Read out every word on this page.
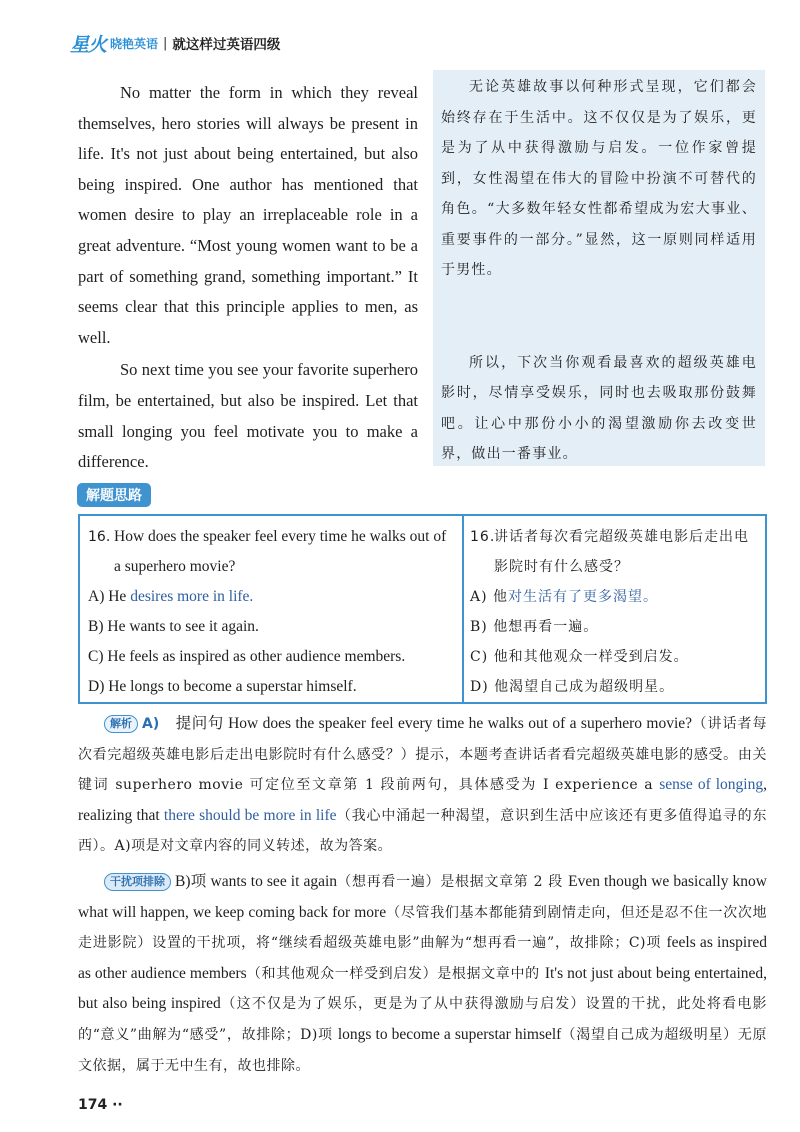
星火 晓艳英语 | 就这样过英语四级

No matter the form in which they reveal themselves, hero stories will always be present in life. It's not just about being entertained, but also being inspired. One author has mentioned that women desire to play an irreplaceable role in a great adventure. “Most young women want to be a part of something grand, something important.” It seems clear that this principle applies to men, as well.

So next time you see your favorite superhero film, be entertained, but also be inspired. Let that small longing you feel motivate you to make a difference.

无论英雄故事以何种形式呈现，它们都会始终存在于生活中。这不仅仅是为了娱乐，更是为了从中获得激励与启发。一位作家曾提到，女性渴望在伟大的冒险中扮演不可替代的角色。“大多数年轻女性都希望成为宏大事业、重要事件的一部分。”显然，这一原则同样适用于男性。

所以，下次当你观看最喜欢的超级英雄电影时，尽情享受娱乐，同时也去吸取那份鼓舞吧。让心中那份小小的渴望激励你去改变世界，做出一番事业。

解题思路
16. How does the speaker feel every time he walks out of a superhero movie?
A) He desires more in life.
B) He wants to see it again.
C) He feels as inspired as other audience members.
D) He longs to become a superstar himself.
16.
讲话者每次看完超级英雄电影后走出电影院时有什么感受？
A) 他对生活有了更多渴望。
B) 他想再看一遍。
C) 他和其他观众一样受到启发。
D) 他渴望自己成为超级明星。

解析 A) 提问句 How does the speaker feel every time he walks out of a superhero movie?（讲话者每次看完超级英雄电影后走出电影院时有什么感受？）提示，本题考查讲话者看完超级英雄电影的感受。由关键词 superhero movie 可定位至文章第 1 段前两句，具体感受为 I experience a sense of longing, realizing that there should be more in life（我心中涌起一种渴望，意识到生活中应该还有更多值得追寻的东西）。A)项是对文章内容的同义转述，故为答案。

干扰项排除 B)项 wants to see it again（想再看一遍）是根据文章第 2 段 Even though we basically know what will happen, we keep coming back for more（尽管我们基本都能猜到剧情走向，但还是忍不住一次次地走进影院）设置的干扰项，将“继续看超级英雄电影”曲解为“想再看一遍”，故排除；C)项 feels as inspired as other audience members（和其他观众一样受到启发）是根据文章中的 It's not just about being entertained, but also being inspired（这不仅是为了娱乐，更是为了从中获得激励与启发）设置的干扰，此处将看电影的“意义”曲解为“感受”，故排除；D)项 longs to become a superstar himself（渴望自己成为超级明星）无原文依据，属于无中生有，故也排除。

174 ··
